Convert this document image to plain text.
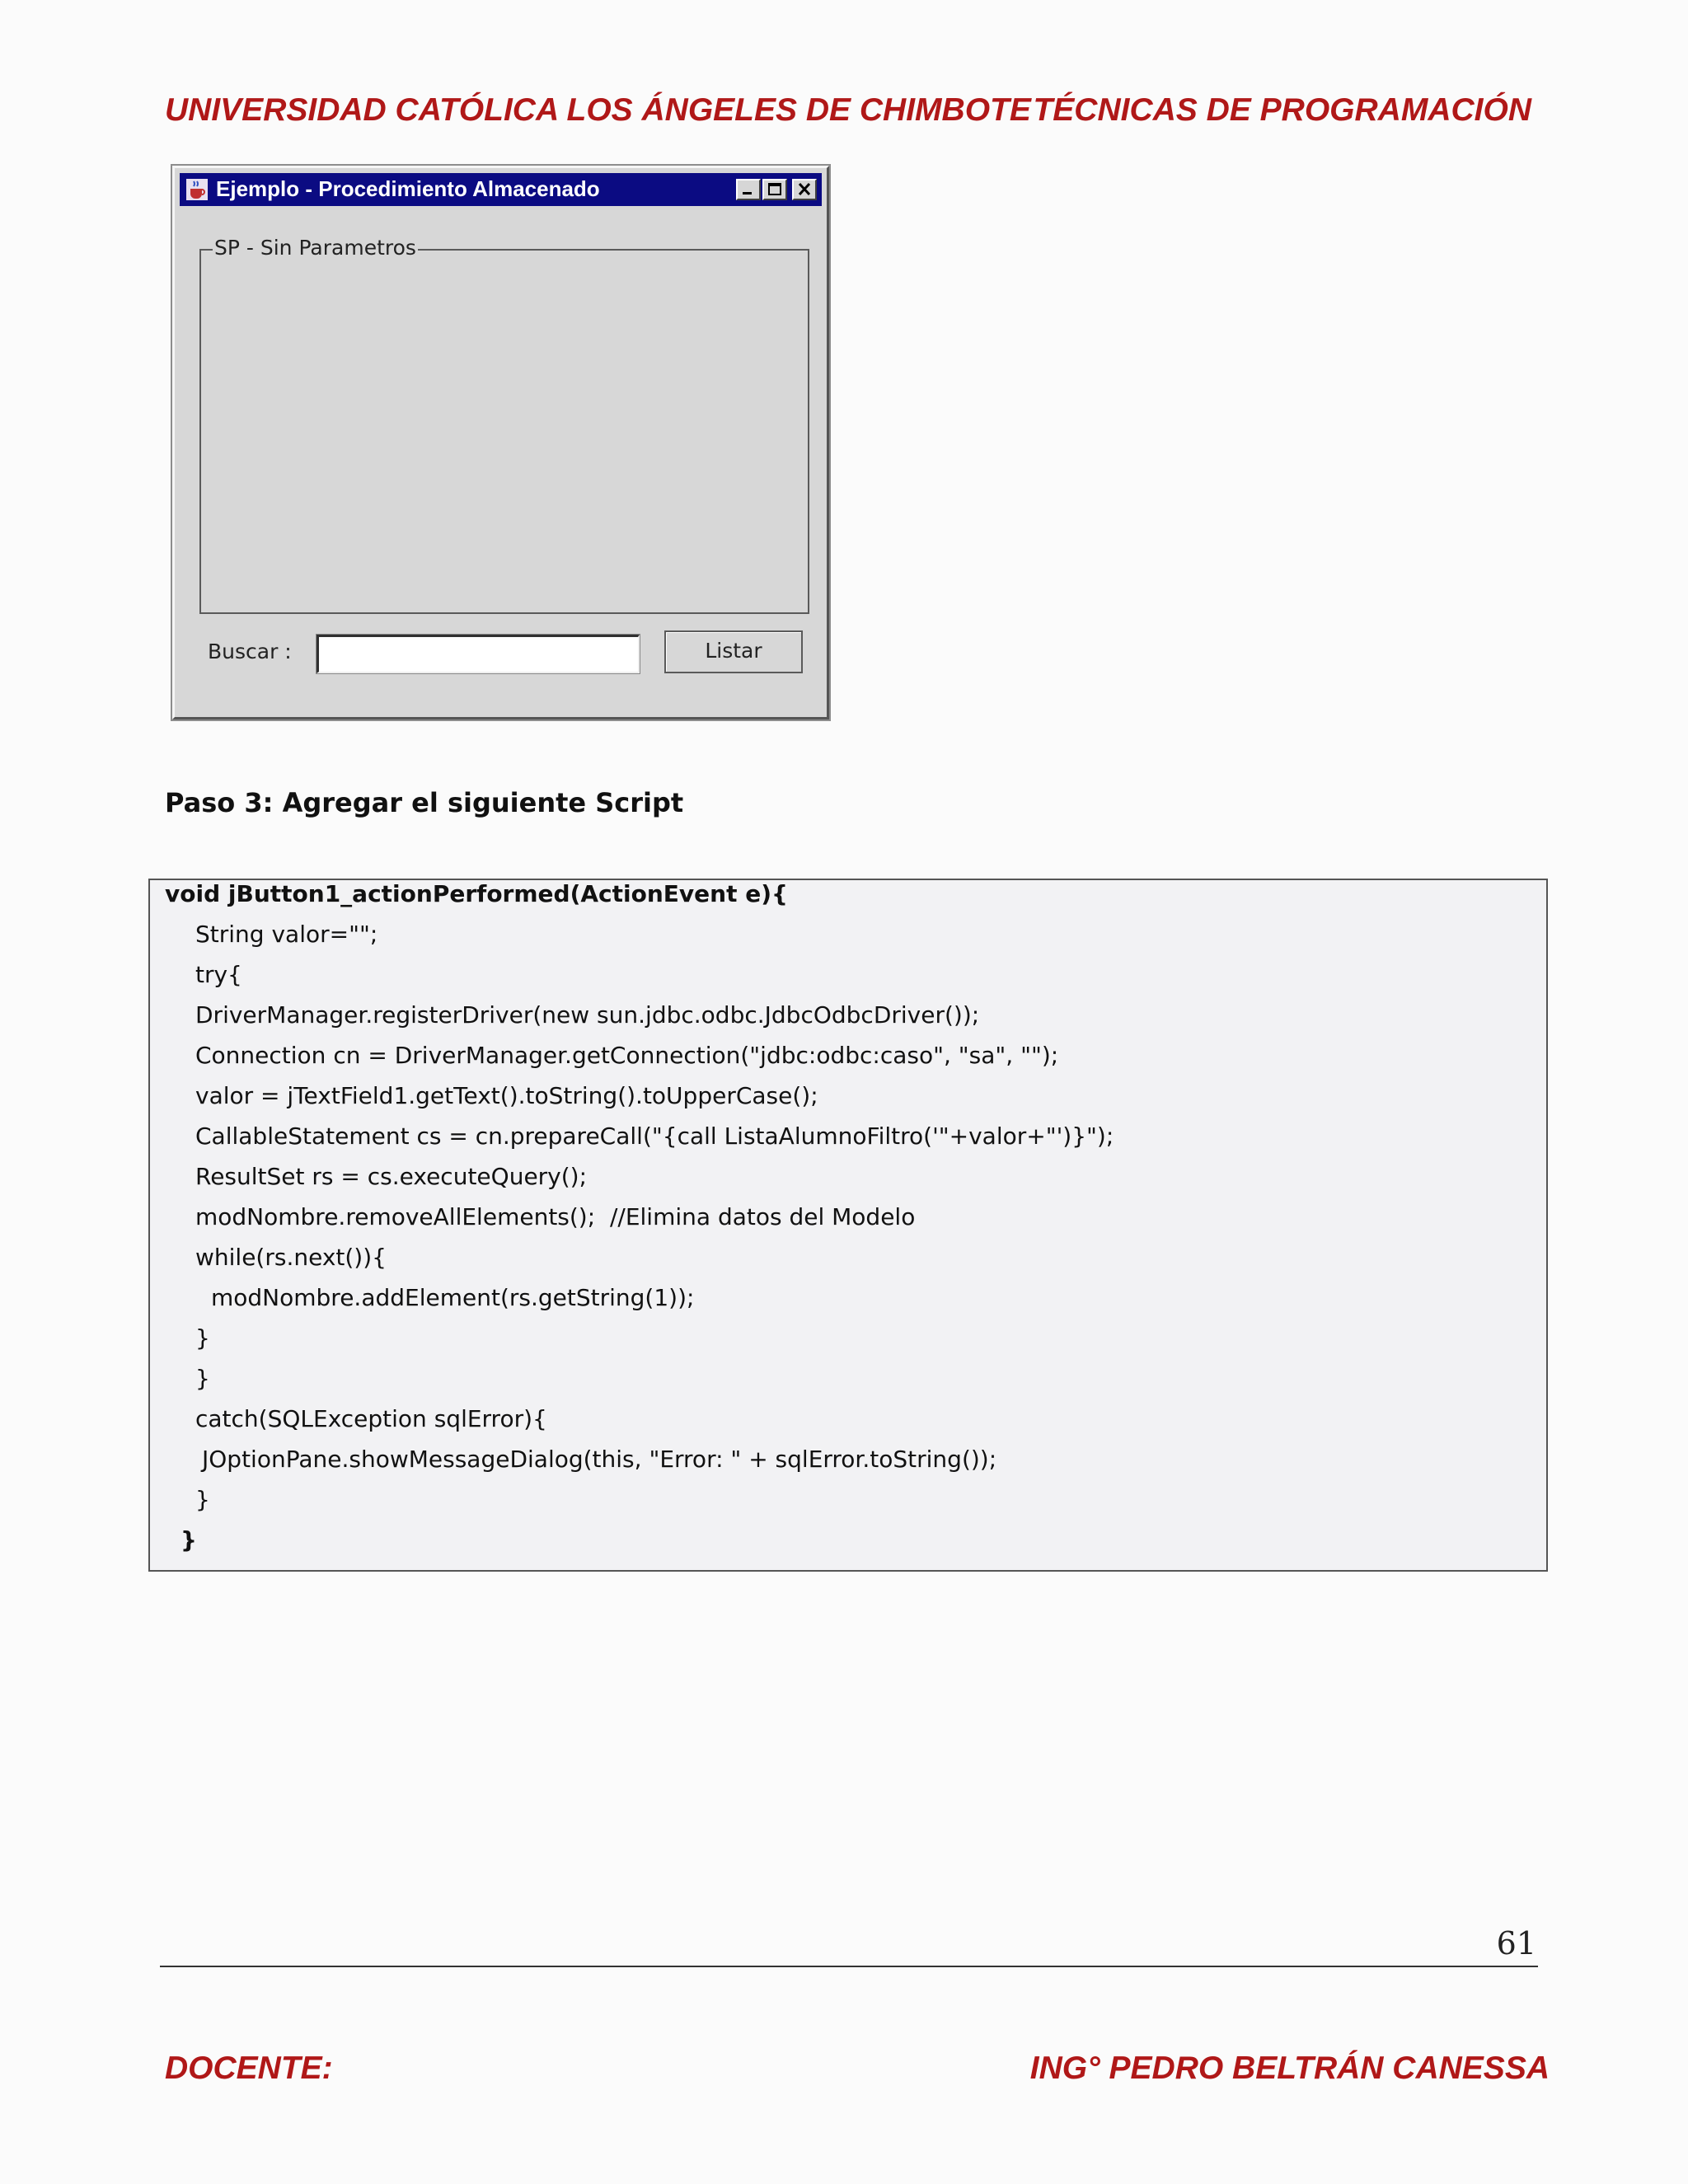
UNIVERSIDAD CATÓLICA LOS ÁNGELES DE CHIMBOTE TÉCNICAS DE PROGRAMACIÓN
Ejemplo - Procedimiento Almacenado
SP - Sin Parametros
Buscar :	Listar
Paso 3: Agregar el siguiente Script
void jButton1_actionPerformed(ActionEvent e){
String valor="";
try{
DriverManager.registerDriver(new sun.jdbc.odbc.JdbcOdbcDriver());
Connection cn = DriverManager.getConnection("jdbc:odbc:caso", "sa", "");
valor = jTextField1.getText().toString().toUpperCase();
CallableStatement cs = cn.prepareCall("{call ListaAlumnoFiltro('"+valor+"')}");
ResultSet rs = cs.executeQuery();
modNombre.removeAllElements();  //Elimina datos del Modelo
while(rs.next()){
modNombre.addElement(rs.getString(1));
}
}
catch(SQLException sqlError){
JOptionPane.showMessageDialog(this, "Error: " + sqlError.toString());
}
}
61
DOCENTE:	ING° PEDRO BELTRÁN CANESSA
